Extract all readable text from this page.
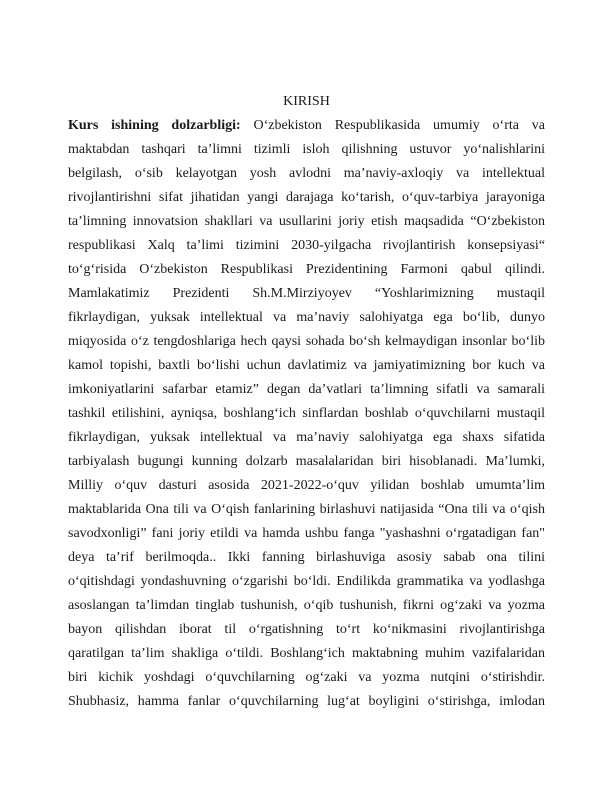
KIRISH
Kurs ishining dolzarbligi: O‘zbekiston Respublikasida umumiy o‘rta va
maktabdan tashqari ta’limni tizimli isloh qilishning ustuvor yo‘nalishlarini
belgilash, o‘sib kelayotgan yosh avlodni ma’naviy-axloqiy va intellektual
rivojlantirishni sifat jihatidan yangi darajaga ko‘tarish, o‘quv-tarbiya jarayoniga
ta’limning innovatsion shakllari va usullarini joriy etish maqsadida “O‘zbekiston
respublikasi Xalq ta’limi tizimini 2030-yilgacha rivojlantirish konsepsiyasi“
to‘g‘risida O‘zbekiston Respublikasi Prezidentining Farmoni qabul qilindi.
Mamlakatimiz Prezidenti Sh.M.Mirziyoyev “Yoshlarimizning mustaqil
fikrlaydigan, yuksak intellektual va ma’naviy salohiyatga ega bo‘lib, dunyo
miqyosida o‘z tengdoshlariga hech qaysi sohada bo‘sh kelmaydigan insonlar bo‘lib
kamol topishi, baxtli bo‘lishi uchun davlatimiz va jamiyatimizning bor kuch va
imkoniyatlarini safarbar etamiz” degan da’vatlari ta’limning sifatli va samarali
tashkil etilishini, ayniqsa, boshlang‘ich sinflardan boshlab o‘quvchilarni mustaqil
fikrlaydigan, yuksak intellektual va ma’naviy salohiyatga ega shaxs sifatida
tarbiyalash bugungi kunning dolzarb masalalaridan biri hisoblanadi. Ma’lumki,
Milliy o‘quv dasturi asosida 2021-2022-o‘quv yilidan boshlab umumta’lim
maktablarida Ona tili va O‘qish fanlarining birlashuvi natijasida “Ona tili va o‘qish
savodxonligi” fani joriy etildi va hamda ushbu fanga "yashashni o‘rgatadigan fan"
deya ta’rif berilmoqda.. Ikki fanning birlashuviga asosiy sabab ona tilini
o‘qitishdagi yondashuvning o‘zgarishi bo‘ldi. Endilikda grammatika va yodlashga
asoslangan ta’limdan tinglab tushunish, o‘qib tushunish, fikrni og‘zaki va yozma
bayon qilishdan iborat til o‘rgatishning to‘rt ko‘nikmasini rivojlantirishga
qaratilgan ta’lim shakliga o‘tildi. Boshlang‘ich maktabning muhim vazifalaridan
biri kichik yoshdagi o‘quvchilarning og‘zaki va yozma nutqini o‘stirishdir.
Shubhasiz, hamma fanlar o‘quvchilarning lug‘at boyligini o‘stirishga, imlodan
